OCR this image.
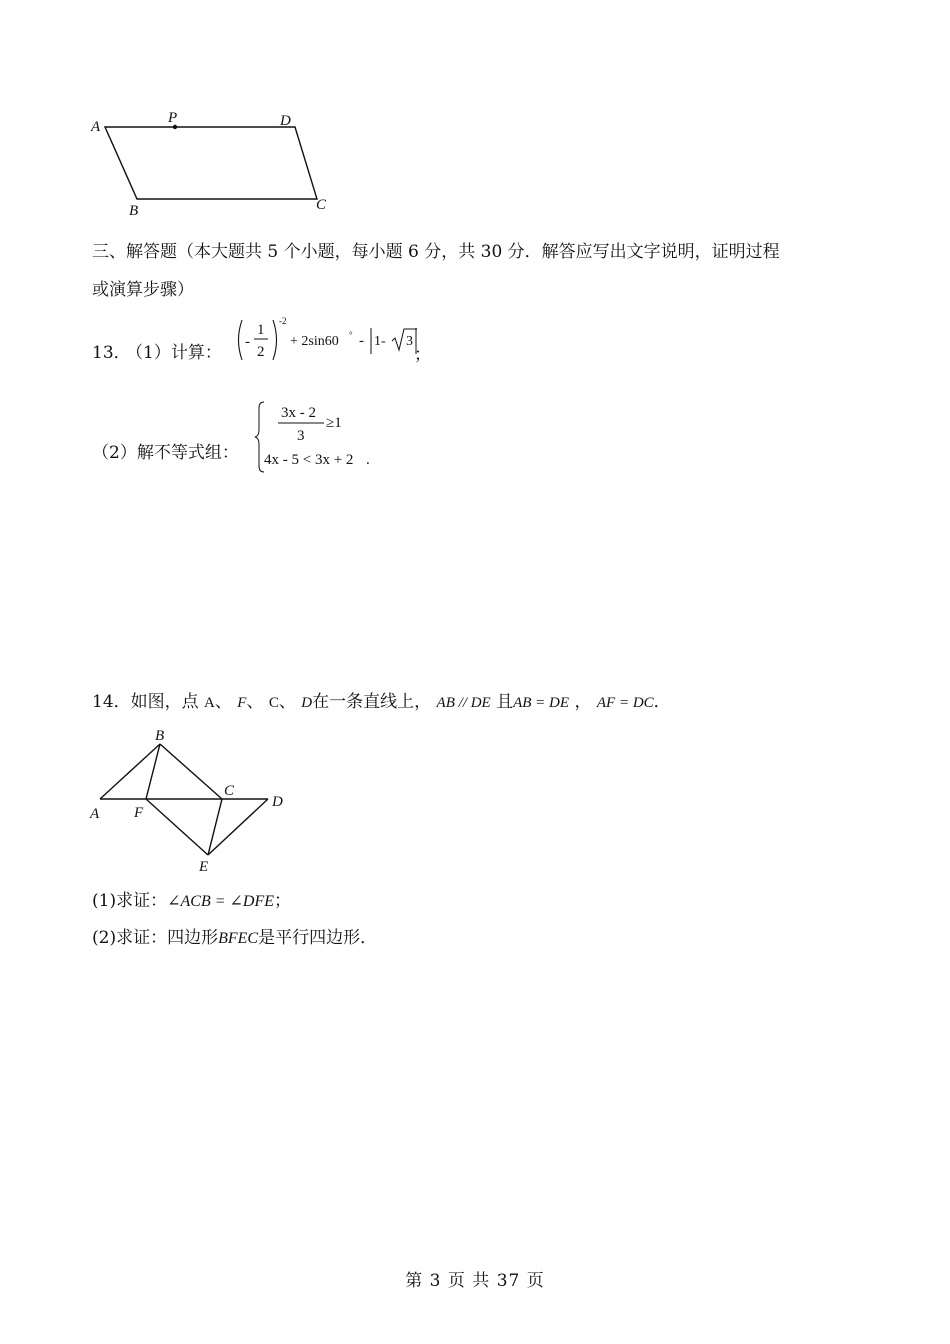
A
P	D
B	C
三、解答题（本大题共 5 个小题，每小题 6 分，共 30 分．解答应写出文字说明，证明过程
或演算步骤）
13．
（1）计算：
-
1
2
-2
+ 2sin60 ° - 1- 3
；
（2）解不等式组：
3x - 2
3
≥1
4x - 5 < 3x + 2 .
14．如图，点 A、 F、 C、 D在一条直线上， AB // DE 且AB = DE ， AF = DC．
B
A F
C
D
E
(1)求证：∠ACB = ∠DFE；
(2)求证：四边形BFEC是平行四边形．
第 3 页 共 37 页
